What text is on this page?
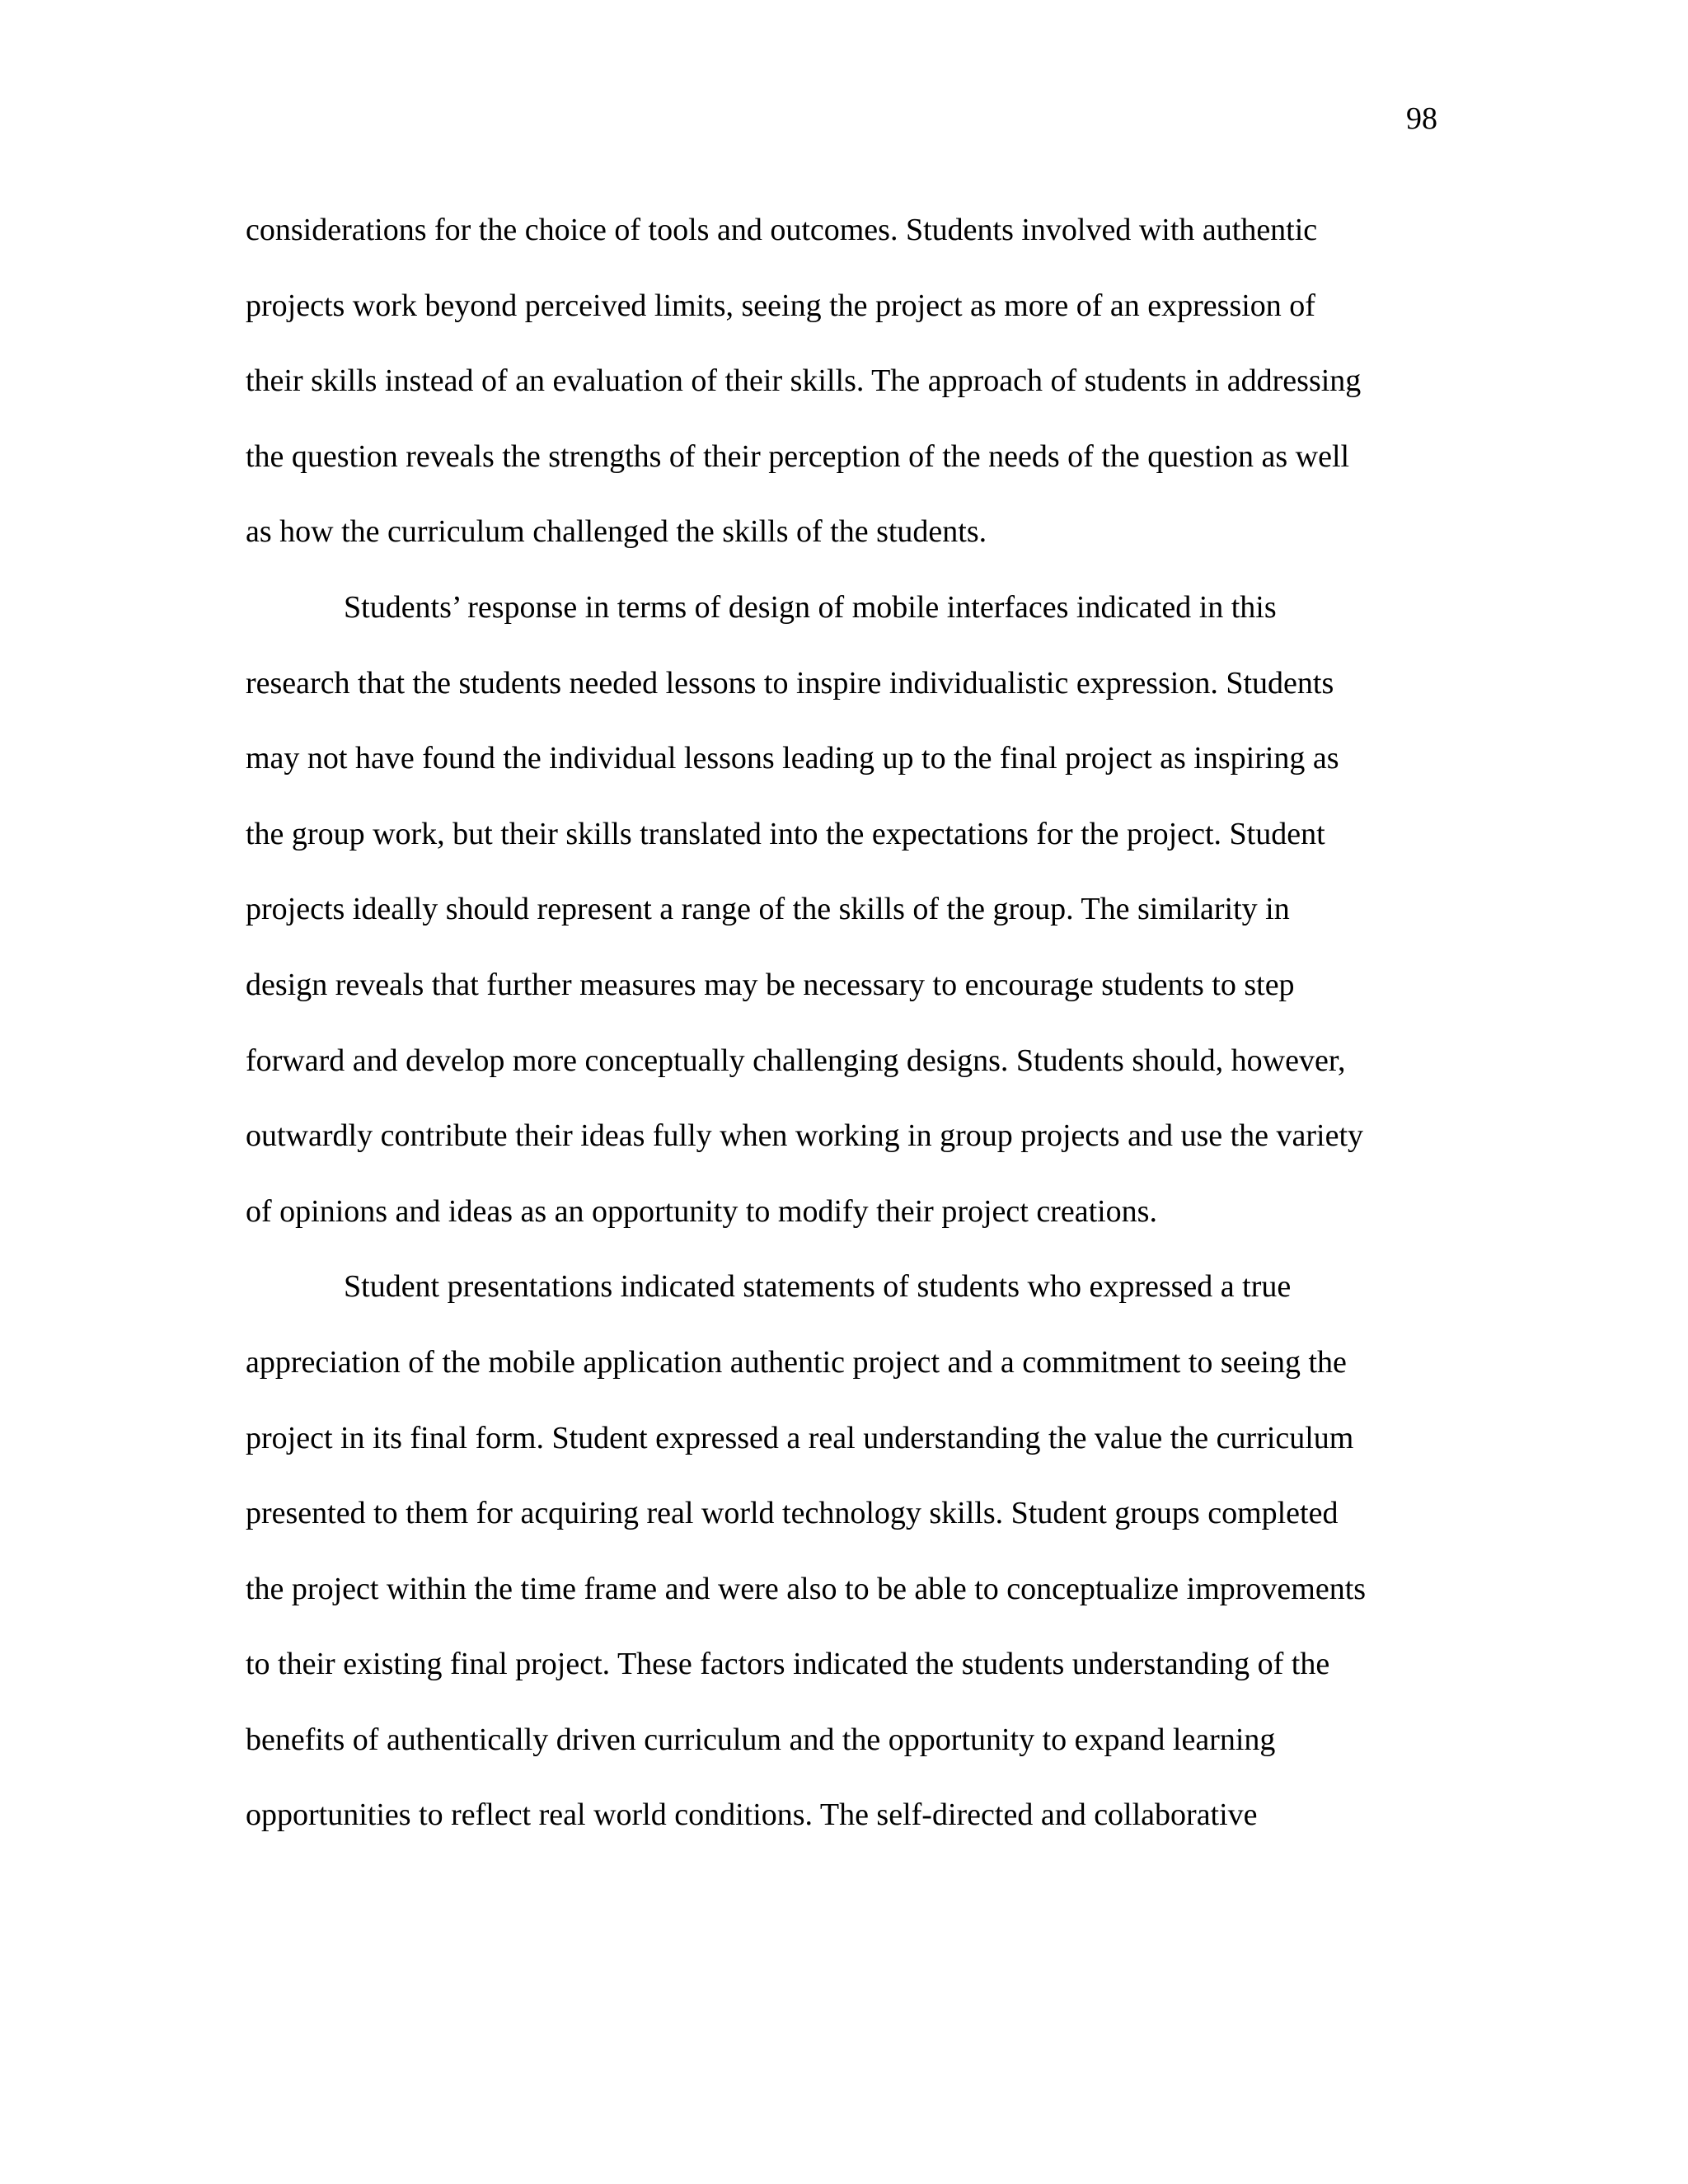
98
considerations for the choice of tools and outcomes. Students involved with authentic
projects work beyond perceived limits, seeing the project as more of an expression of
their skills instead of an evaluation of their skills. The approach of students in addressing
the question reveals the strengths of their perception of the needs of the question as well
as how the curriculum challenged the skills of the students.
Students’ response in terms of design of mobile interfaces indicated in this
research that the students needed lessons to inspire individualistic expression. Students
may not have found the individual lessons leading up to the final project as inspiring as
the group work, but their skills translated into the expectations for the project. Student
projects ideally should represent a range of the skills of the group. The similarity in
design reveals that further measures may be necessary to encourage students to step
forward and develop more conceptually challenging designs. Students should, however,
outwardly contribute their ideas fully when working in group projects and use the variety
of opinions and ideas as an opportunity to modify their project creations.
Student presentations indicated statements of students who expressed a true
appreciation of the mobile application authentic project and a commitment to seeing the
project in its final form. Student expressed a real understanding the value the curriculum
presented to them for acquiring real world technology skills. Student groups completed
the project within the time frame and were also to be able to conceptualize improvements
to their existing final project. These factors indicated the students understanding of the
benefits of authentically driven curriculum and the opportunity to expand learning
opportunities to reflect real world conditions. The self-directed and collaborative
